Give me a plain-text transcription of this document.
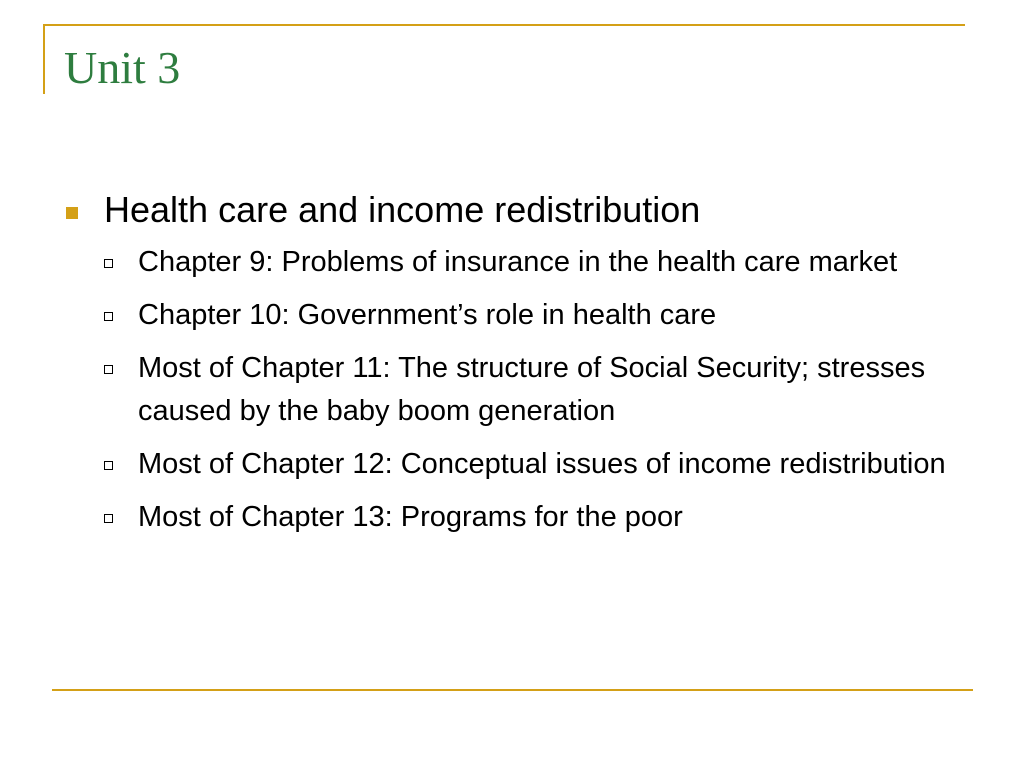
Unit 3
Health care and income redistribution
Chapter 9: Problems of insurance in the health care market
Chapter 10: Government’s role in health care
Most of Chapter 11: The structure of Social Security; stresses caused by the baby boom generation
Most of Chapter 12: Conceptual issues of income redistribution
Most of Chapter 13: Programs for the poor
